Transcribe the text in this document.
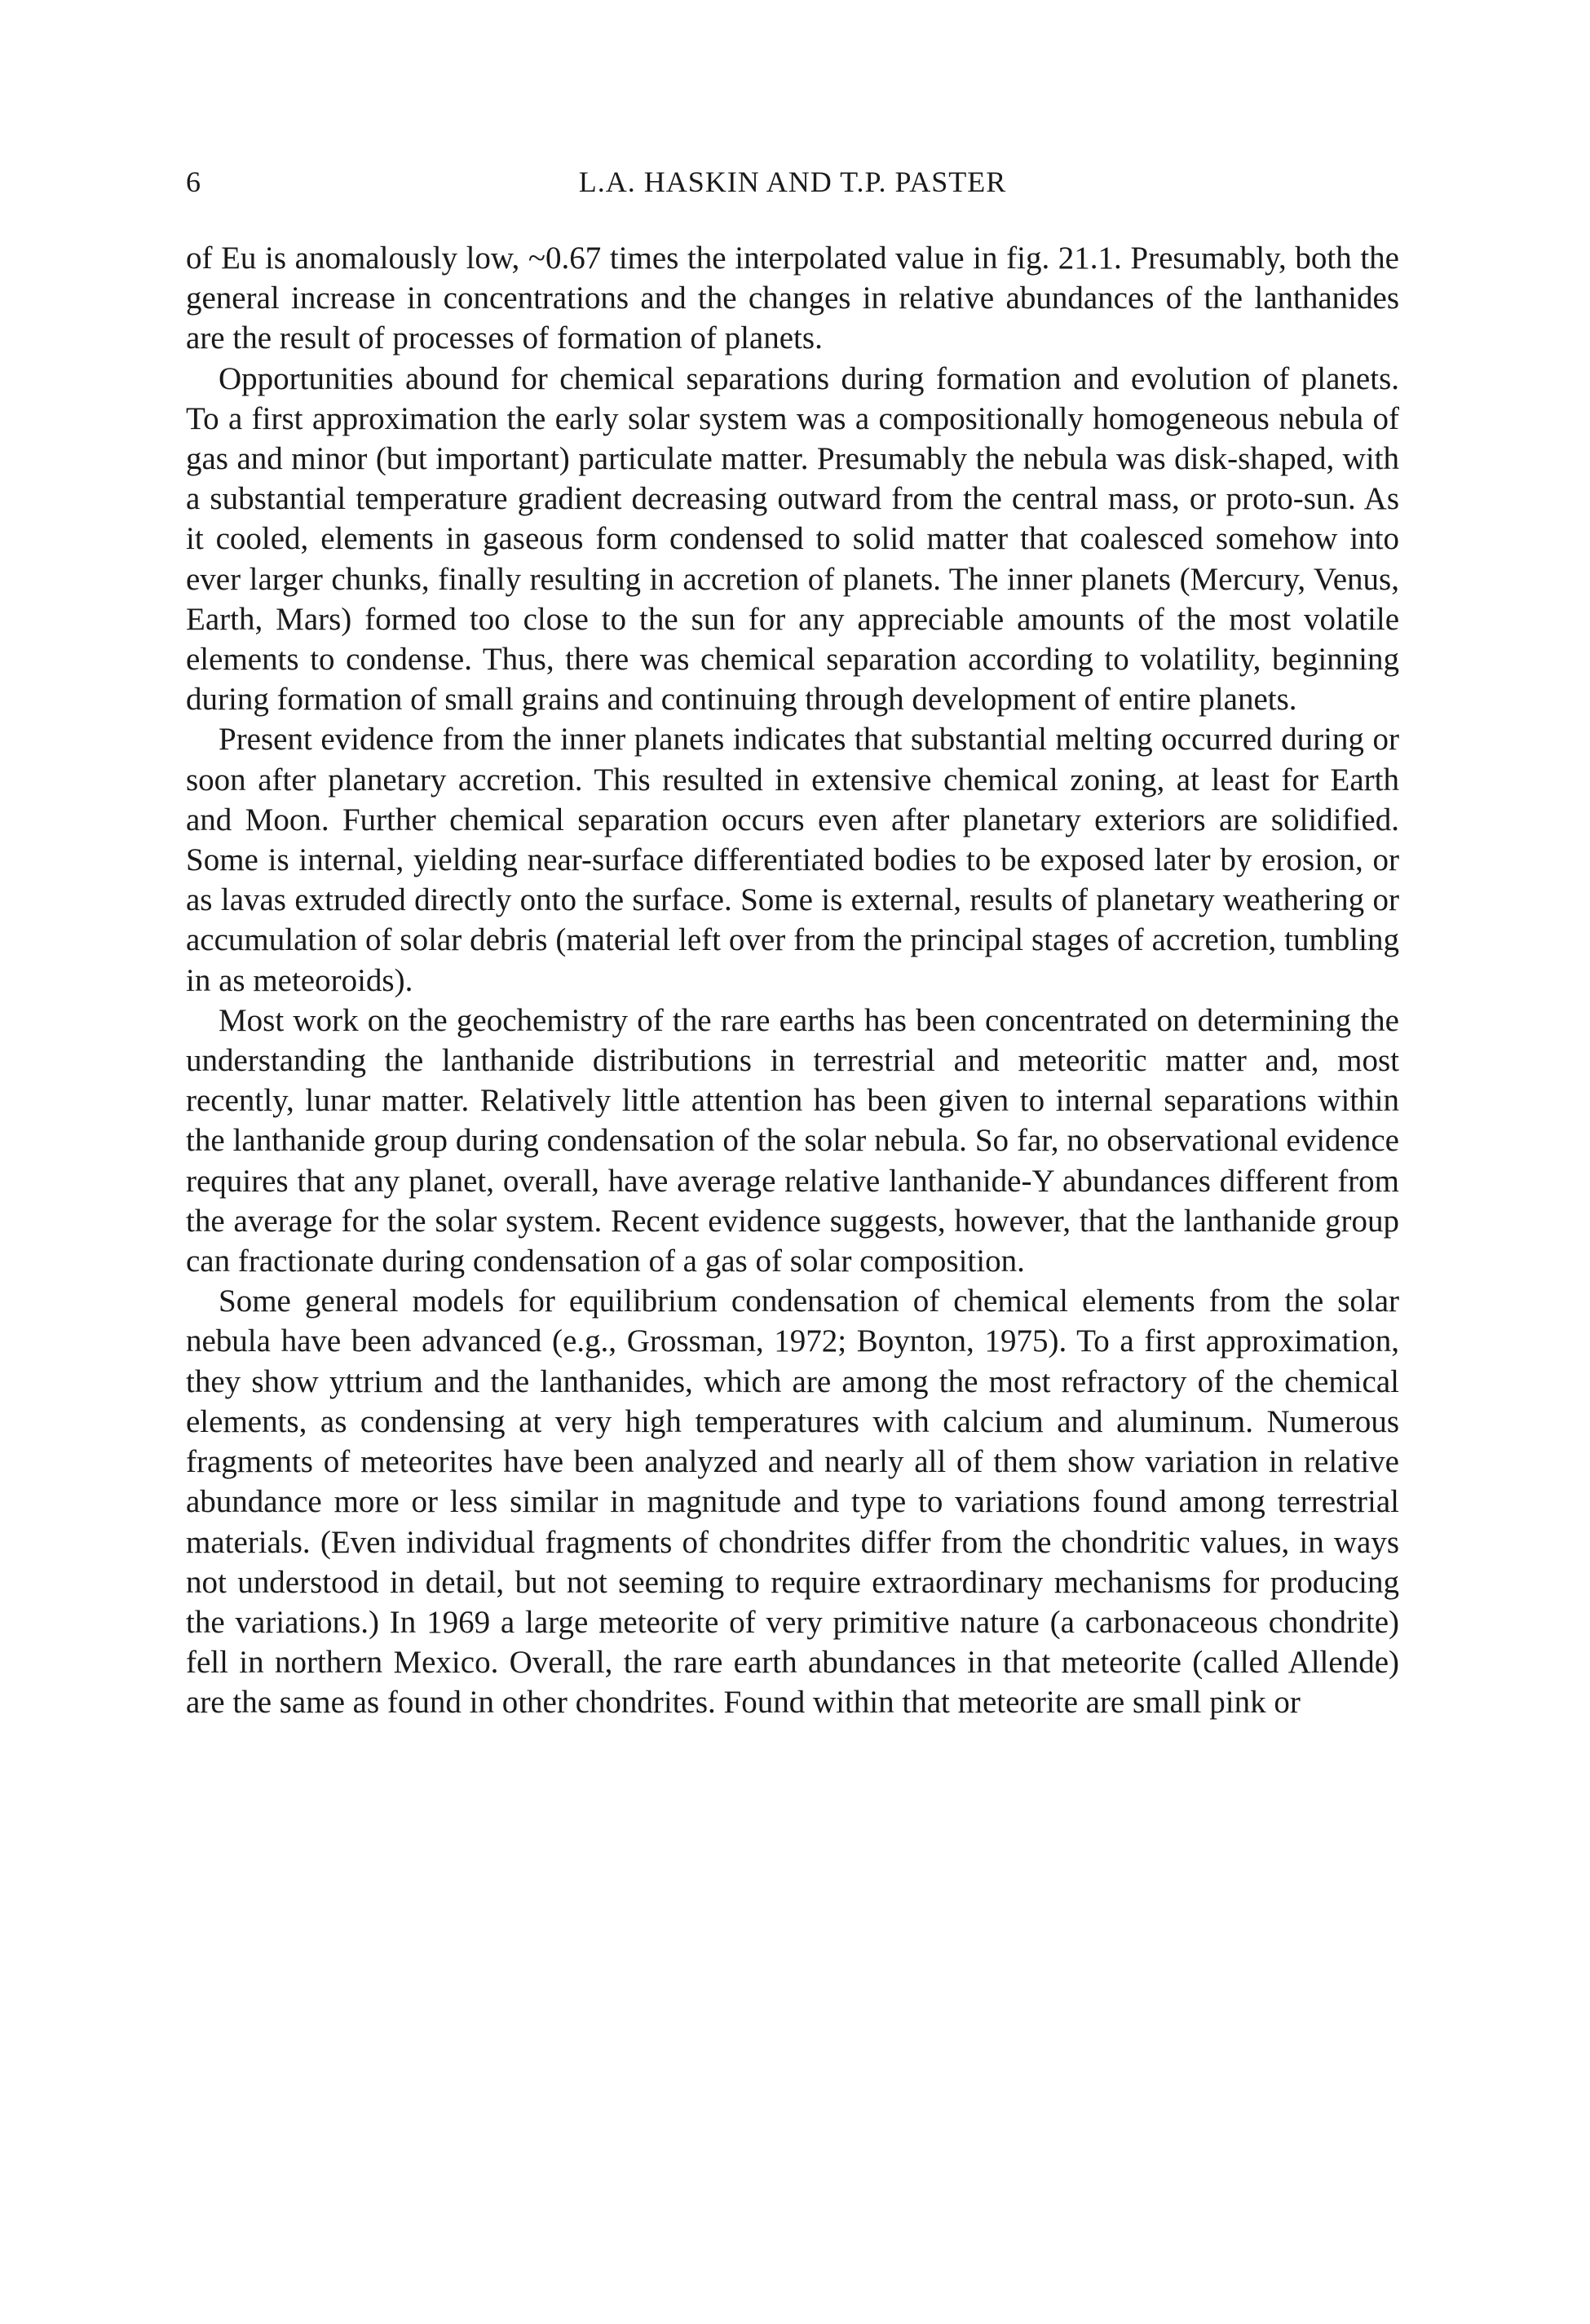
6	L.A. HASKIN AND T.P. PASTER

of Eu is anomalously low, ~0.67 times the interpolated value in fig. 21.1. Presumably, both the general increase in concentrations and the changes in relative abundances of the lanthanides are the result of processes of formation of planets.

Opportunities abound for chemical separations during formation and evolution of planets. To a first approximation the early solar system was a compositionally homogeneous nebula of gas and minor (but important) particulate matter. Presumably the nebula was disk-shaped, with a substantial temperature gradient decreasing outward from the central mass, or proto-sun. As it cooled, elements in gaseous form condensed to solid matter that coalesced somehow into ever larger chunks, finally resulting in accretion of planets. The inner planets (Mercury, Venus, Earth, Mars) formed too close to the sun for any appreciable amounts of the most volatile elements to condense. Thus, there was chemical separation according to volatility, beginning during formation of small grains and continuing through development of entire planets.

Present evidence from the inner planets indicates that substantial melting occurred during or soon after planetary accretion. This resulted in extensive chemical zoning, at least for Earth and Moon. Further chemical separation occurs even after planetary exteriors are solidified. Some is internal, yielding near-surface differentiated bodies to be exposed later by erosion, or as lavas extruded directly onto the surface. Some is external, results of planetary weathering or accumulation of solar debris (material left over from the principal stages of accretion, tumbling in as meteoroids).

Most work on the geochemistry of the rare earths has been concentrated on determining the understanding the lanthanide distributions in terrestrial and meteoritic matter and, most recently, lunar matter. Relatively little attention has been given to internal separations within the lanthanide group during condensation of the solar nebula. So far, no observational evidence requires that any planet, overall, have average relative lanthanide-Y abundances different from the average for the solar system. Recent evidence suggests, however, that the lanthanide group can fractionate during condensation of a gas of solar composition.

Some general models for equilibrium condensation of chemical elements from the solar nebula have been advanced (e.g., Grossman, 1972; Boynton, 1975). To a first approximation, they show yttrium and the lanthanides, which are among the most refractory of the chemical elements, as condensing at very high temperatures with calcium and aluminum. Numerous fragments of meteorites have been analyzed and nearly all of them show variation in relative abundance more or less similar in magnitude and type to variations found among terrestrial materials. (Even individual fragments of chondrites differ from the chondritic values, in ways not understood in detail, but not seeming to require extraordinary mechanisms for producing the variations.) In 1969 a large meteorite of very primitive nature (a carbonaceous chondrite) fell in northern Mexico. Overall, the rare earth abundances in that meteorite (called Allende) are the same as found in other chondrites. Found within that meteorite are small pink or
